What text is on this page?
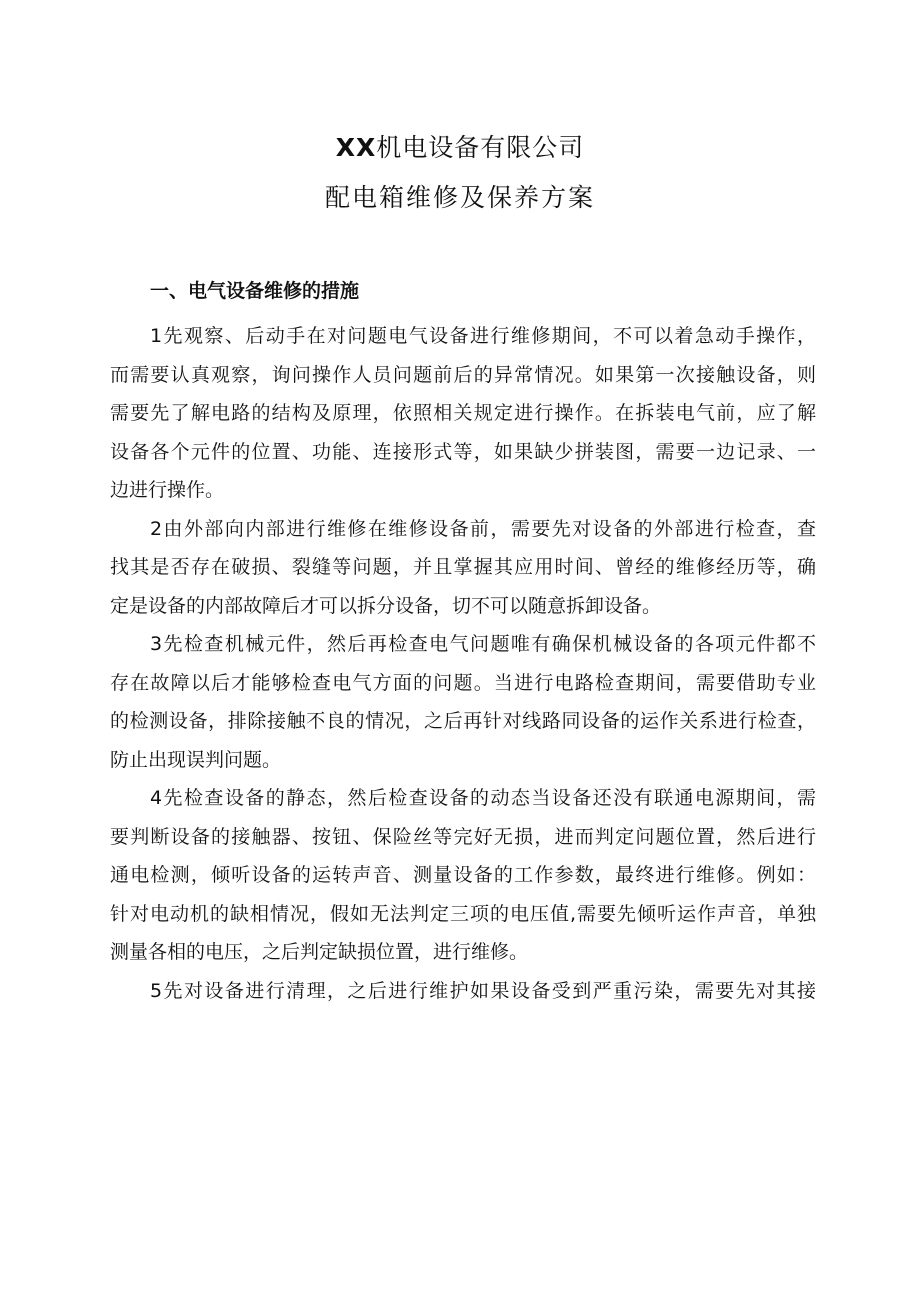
XX机电设备有限公司
配电箱维修及保养方案
一、电气设备维修的措施

1先观察、后动手在对问题电气设备进行维修期间，不可以着急动手操作，
而需要认真观察，询问操作人员问题前后的异常情况。如果第一次接触设备，则
需要先了解电路的结构及原理，依照相关规定进行操作。在拆装电气前，应了解
设备各个元件的位置、功能、连接形式等，如果缺少拼装图，需要一边记录、一
边进行操作。

2由外部向内部进行维修在维修设备前，需要先对设备的外部进行检查，查
找其是否存在破损、裂缝等问题，并且掌握其应用时间、曾经的维修经历等，确
定是设备的内部故障后才可以拆分设备，切不可以随意拆卸设备。

3先检查机械元件，然后再检查电气问题唯有确保机械设备的各项元件都不
存在故障以后才能够检查电气方面的问题。当进行电路检查期间，需要借助专业
的检测设备，排除接触不良的情况，之后再针对线路同设备的运作关系进行检查，
防止出现误判问题。

4先检查设备的静态，然后检查设备的动态当设备还没有联通电源期间，需
要判断设备的接触器、按钮、保险丝等完好无损，进而判定问题位置，然后进行
通电检测，倾听设备的运转声音、测量设备的工作参数，最终进行维修。例如：
针对电动机的缺相情况，假如无法判定三项的电压值,需要先倾听运作声音，单独
测量各相的电压，之后判定缺损位置，进行维修。

5先对设备进行清理，之后进行维护如果设备受到严重污染，需要先对其接
